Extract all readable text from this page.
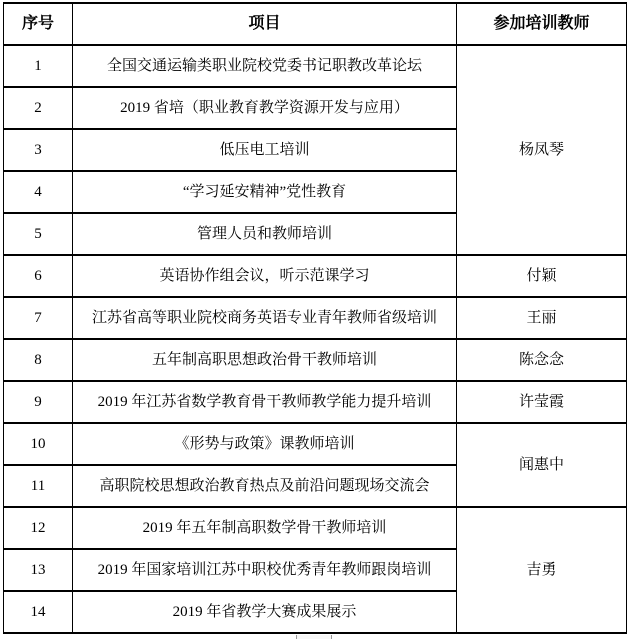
序号	项目	参加培训教师
1	全国交通运输类职业院校党委书记职教改革论坛	杨凤琴
2	2019 省培（职业教育教学资源开发与应用）	
3	低压电工培训	
4	“学习延安精神”党性教育	
5	管理人员和教师培训	
6	英语协作组会议，听示范课学习	付颖
7	江苏省高等职业院校商务英语专业青年教师省级培训	王丽
8	五年制高职思想政治骨干教师培训	陈念念
9	2019 年江苏省数学教育骨干教师教学能力提升培训	许莹霞
10	《形势与政策》课教师培训	闻惠中
11	高职院校思想政治教育热点及前沿问题现场交流会	
12	2019 年五年制高职数学骨干教师培训	吉勇
13	2019 年国家培训江苏中职校优秀青年教师跟岗培训	
14	2019 年省教学大赛成果展示	
